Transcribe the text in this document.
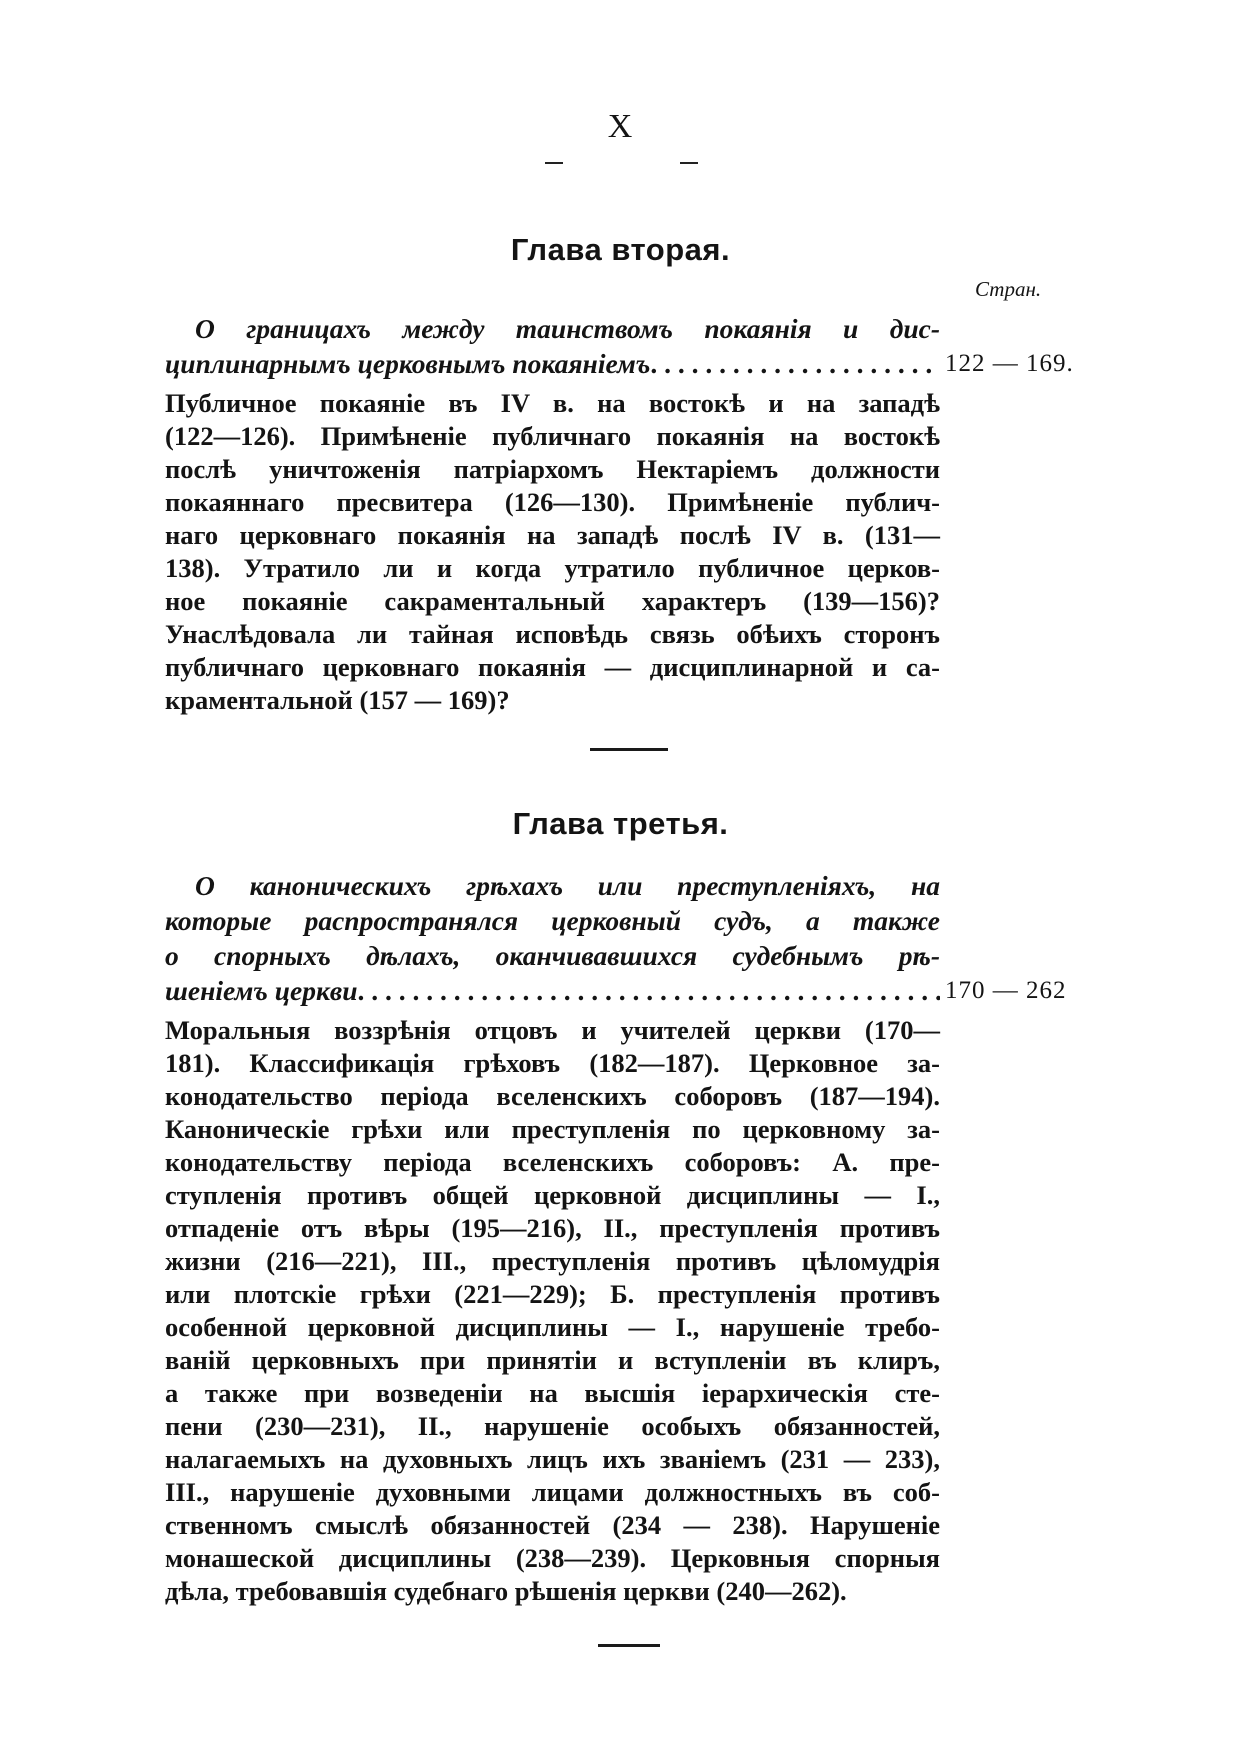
X
Глава вторая.
Стран.
О границахъ между таинствомъ покаянія и дис-
циплинарнымъ церковнымъ покаяніемъ . . .	122 — 169.
Публичное покаяніе въ IV в. на востокѣ и на западѣ
(122—126). Примѣненіе публичнаго покаянія на востокѣ
послѣ уничтоженія патріархомъ Нектаріемъ должности
покаяннаго пресвитера (126—130). Примѣненіе публич-
наго церковнаго покаянія на западѣ послѣ IV в. (131—
138). Утратило ли и когда утратило публичное церков-
ное покаяніе сакраментальный характеръ (139—156)?
Унаслѣдовала ли тайная исповѣдь связь обѣихъ сторонъ
публичнаго церковнаго покаянія — дисциплинарной и са-
краментальной (157 — 169)?
Глава третья.
О каноническихъ грѣхахъ или преступленіяхъ, на
которые распространялся церковный судъ, а также
о спорныхъ дѣлахъ, оканчивавшихся судебнымъ рѣ-
шеніемъ церкви . . .	170 — 262
Моральныя воззрѣнія отцовъ и учителей церкви (170—
181). Классификація грѣховъ (182—187). Церковное за-
конодательство періода вселенскихъ соборовъ (187—194).
Каноническіе грѣхи или преступленія по церковному за-
конодательству періода вселенскихъ соборовъ: А. пре-
ступленія противъ общей церковной дисциплины — I.,
отпаденіе отъ вѣры (195—216), II., преступленія противъ
жизни (216—221), III., преступленія противъ цѣломудрія
или плотскіе грѣхи (221—229); Б. преступленія противъ
особенной церковной дисциплины — I., нарушеніе требо-
ваній церковныхъ при принятіи и вступленіи въ клиръ,
а также при возведеніи на высшія іерархическія сте-
пени (230—231), II., нарушеніе особыхъ обязанностей,
налагаемыхъ на духовныхъ лицъ ихъ званіемъ (231 — 233),
III., нарушеніе духовными лицами должностныхъ въ соб-
ственномъ смыслѣ обязанностей (234 — 238). Нарушеніе
монашеской дисциплины (238—239). Церковныя спорныя
дѣла, требовавшія судебнаго рѣшенія церкви (240—262).
